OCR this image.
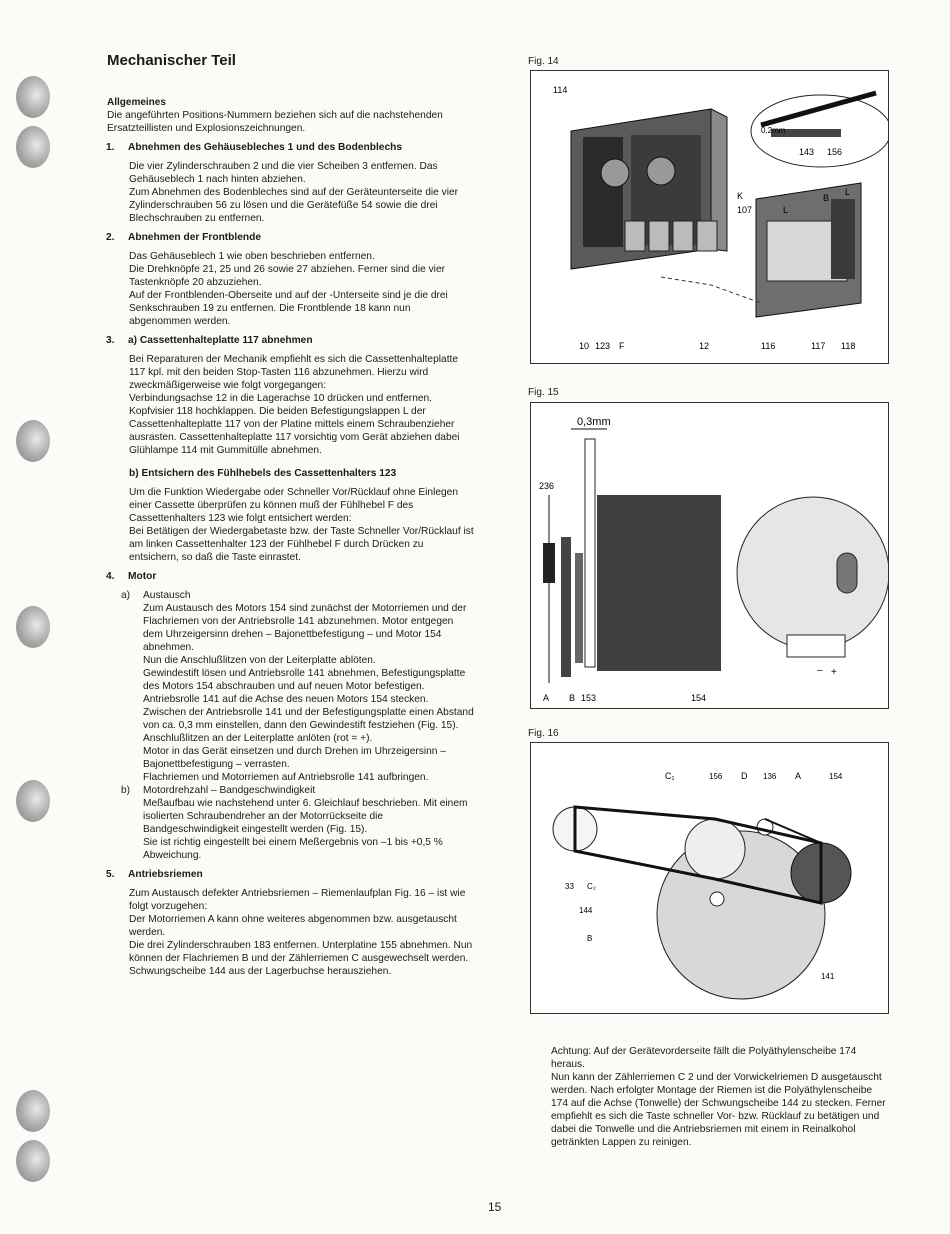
Mechanischer Teil

Allgemeines

Die angeführten Positions-Nummern beziehen sich auf die nachstehenden Ersatzteillisten und Explosionszeichnungen.

1.	Abnehmen des Gehäusebleches 1 und des Bodenblechs

Die vier Zylinderschrauben 2 und die vier Scheiben 3 entfernen. Das Gehäuseblech 1 nach hinten abziehen.

Zum Abnehmen des Bodenbleches sind auf der Geräteunterseite die vier Zylinderschrauben 56 zu lösen und die Gerätefüße 54 sowie die drei Blechschrauben zu entfernen.

2.	Abnehmen der Frontblende

Das Gehäuseblech 1 wie oben beschrieben entfernen.

Die Drehknöpfe 21, 25 und 26 sowie 27 abziehen. Ferner sind die vier Tastenknöpfe 20 abzuziehen.

Auf der Frontblenden-Oberseite und auf der -Unterseite sind je die drei Senkschrauben 19 zu entfernen. Die Frontblende 18 kann nun abgenommen werden.

3.	a) Cassettenhalteplatte 117 abnehmen

Bei Reparaturen der Mechanik empfiehlt es sich die Cassettenhalteplatte 117 kpl. mit den beiden Stop-Tasten 116 abzunehmen. Hierzu wird zweckmäßigerweise wie folgt vorgegangen:

Verbindungsachse 12 in die Lagerachse 10 drücken und entfernen. Kopfvisier 118 hochklappen. Die beiden Befestigungslappen L der Cassettenhalteplatte 117 von der Platine mittels einem Schraubenzieher ausrasten. Cassettenhalteplatte 117 vorsichtig vom Gerät abziehen dabei Glühlampe 114 mit Gummitülle abnehmen.

b) Entsichern des Fühlhebels des Cassettenhalters 123

Um die Funktion Wiedergabe oder Schneller Vor/Rücklauf ohne Einlegen einer Cassette überprüfen zu können muß der Fühlhebel F des Cassettenhalters 123 wie folgt entsichert werden:

Bei Betätigen der Wiedergabetaste bzw. der Taste Schneller Vor/Rücklauf ist am linken Cassettenhalter 123 der Fühlhebel F durch Drücken zu entsichern, so daß die Taste einrastet.

4.	Motor
a)	Austausch

Zum Austausch des Motors 154 sind zunächst der Motorriemen und der Flachriemen von der Antriebsrolle 141 abzunehmen. Motor entgegen dem Uhrzeigersinn drehen – Bajonettbefestigung – und Motor 154 abnehmen.

Nun die Anschlußlitzen von der Leiterplatte ablöten.

Gewindestift lösen und Antriebsrolle 141 abnehmen, Befestigungsplatte des Motors 154 abschrauben und auf neuen Motor befestigen.

Antriebsrolle 141 auf die Achse des neuen Motors 154 stecken. Zwischen der Antriebsrolle 141 und der Befestigungsplatte einen Abstand von ca. 0,3 mm einstellen, dann den Gewindestift festziehen (Fig. 15).

Anschlußlitzen an der Leiterplatte anlöten (rot = +).

Motor in das Gerät einsetzen und durch Drehen im Uhrzeigersinn – Bajonettbefestigung – verrasten.

Flachriemen und Motorriemen auf Antriebsrolle 141 aufbringen.

b)	Motordrehzahl – Bandgeschwindigkeit

Meßaufbau wie nachstehend unter 6. Gleichlauf beschrieben. Mit einem isolierten Schraubendreher an der Motorrückseite die Bandgeschwindigkeit eingestellt werden (Fig. 15).

Sie ist richtig eingestellt bei einem Meßergebnis von –1 bis +0,5 % Abweichung.

5.	Antriebsriemen

Zum Austausch defekter Antriebsriemen – Riemenlaufplan Fig. 16 – ist wie folgt vorzugehen:

Der Motorriemen A kann ohne weiteres abgenommen bzw. ausgetauscht werden.

Die drei Zylinderschrauben 183 entfernen. Unterplatine 155 abnehmen. Nun können der Flachriemen B und der Zählerriemen C ausgewechselt werden.

Schwungscheibe 144 aus der Lagerbuchse herausziehen.

Fig. 14
114
0,2mm
143 156
K
107	L
B
L
10 123 F	12	116	117 118
Fig. 15
0,3mm
236
A B 153	154
– +
Fig. 16
C₁	156 D 136 A	154
33 C₂
144
B
141

Achtung: Auf der Gerätevorderseite fällt die Polyäthylenscheibe 174 heraus.

Nun kann der Zählerriemen C 2 und der Vorwickelriemen D ausgetauscht werden. Nach erfolgter Montage der Riemen ist die Polyäthylenscheibe 174 auf die Achse (Tonwelle) der Schwungscheibe 144 zu stecken. Ferner empfiehlt es sich die Taste schneller Vor- bzw. Rücklauf zu betätigen und dabei die Tonwelle und die Antriebsriemen mit einem in Reinalkohol getränkten Lappen zu reinigen.

15
